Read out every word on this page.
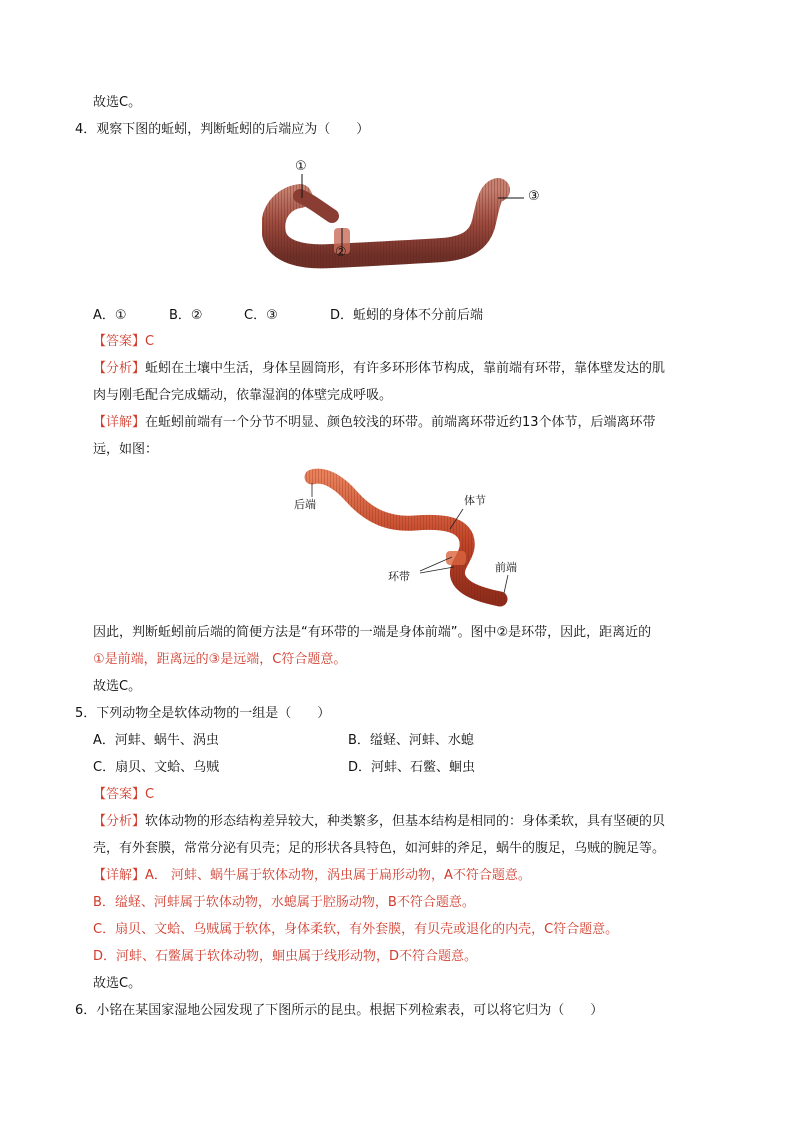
故选C。
4．观察下图的蚯蚓，判断蚯蚓的后端应为（　　）
①
②
③
A．①	B．②	C．③	D．蚯蚓的身体不分前后端
【答案】C
【分析】蚯蚓在土壤中生活，身体呈圆筒形，有许多环形体节构成，靠前端有环带，靠体壁发达的肌
肉与刚毛配合完成蠕动，依靠湿润的体壁完成呼吸。
【详解】在蚯蚓前端有一个分节不明显、颜色较浅的环带。前端离环带近约13个体节，后端离环带
远，如图：
后端	体节
环带
前端
因此，判断蚯蚓前后端的简便方法是“有环带的一端是身体前端”。图中②是环带，因此，距离近的
①是前端，距离远的③是远端，C符合题意。
故选C。
5．下列动物全是软体动物的一组是（　　）
A．河蚌、蜗牛、涡虫	B．缢蛏、河蚌、水螅
C．扇贝、文蛤、乌贼	D．河蚌、石鳖、蛔虫
【答案】C
【分析】软体动物的形态结构差异较大，种类繁多，但基本结构是相同的：身体柔软，具有坚硬的贝
壳，有外套膜，常常分泌有贝壳；足的形状各具特色，如河蚌的斧足，蜗牛的腹足，乌贼的腕足等。
【详解】A． 河蚌、蜗牛属于软体动物，涡虫属于扁形动物，A不符合题意。
B．缢蛏、河蚌属于软体动物，水螅属于腔肠动物，B不符合题意。
C．扇贝、文蛤、乌贼属于软体，身体柔软，有外套膜，有贝壳或退化的内壳，C符合题意。
D．河蚌、石鳖属于软体动物，蛔虫属于线形动物，D不符合题意。
故选C。
6．小铭在某国家湿地公园发现了下图所示的昆虫。根据下列检索表，可以将它归为（　　）
